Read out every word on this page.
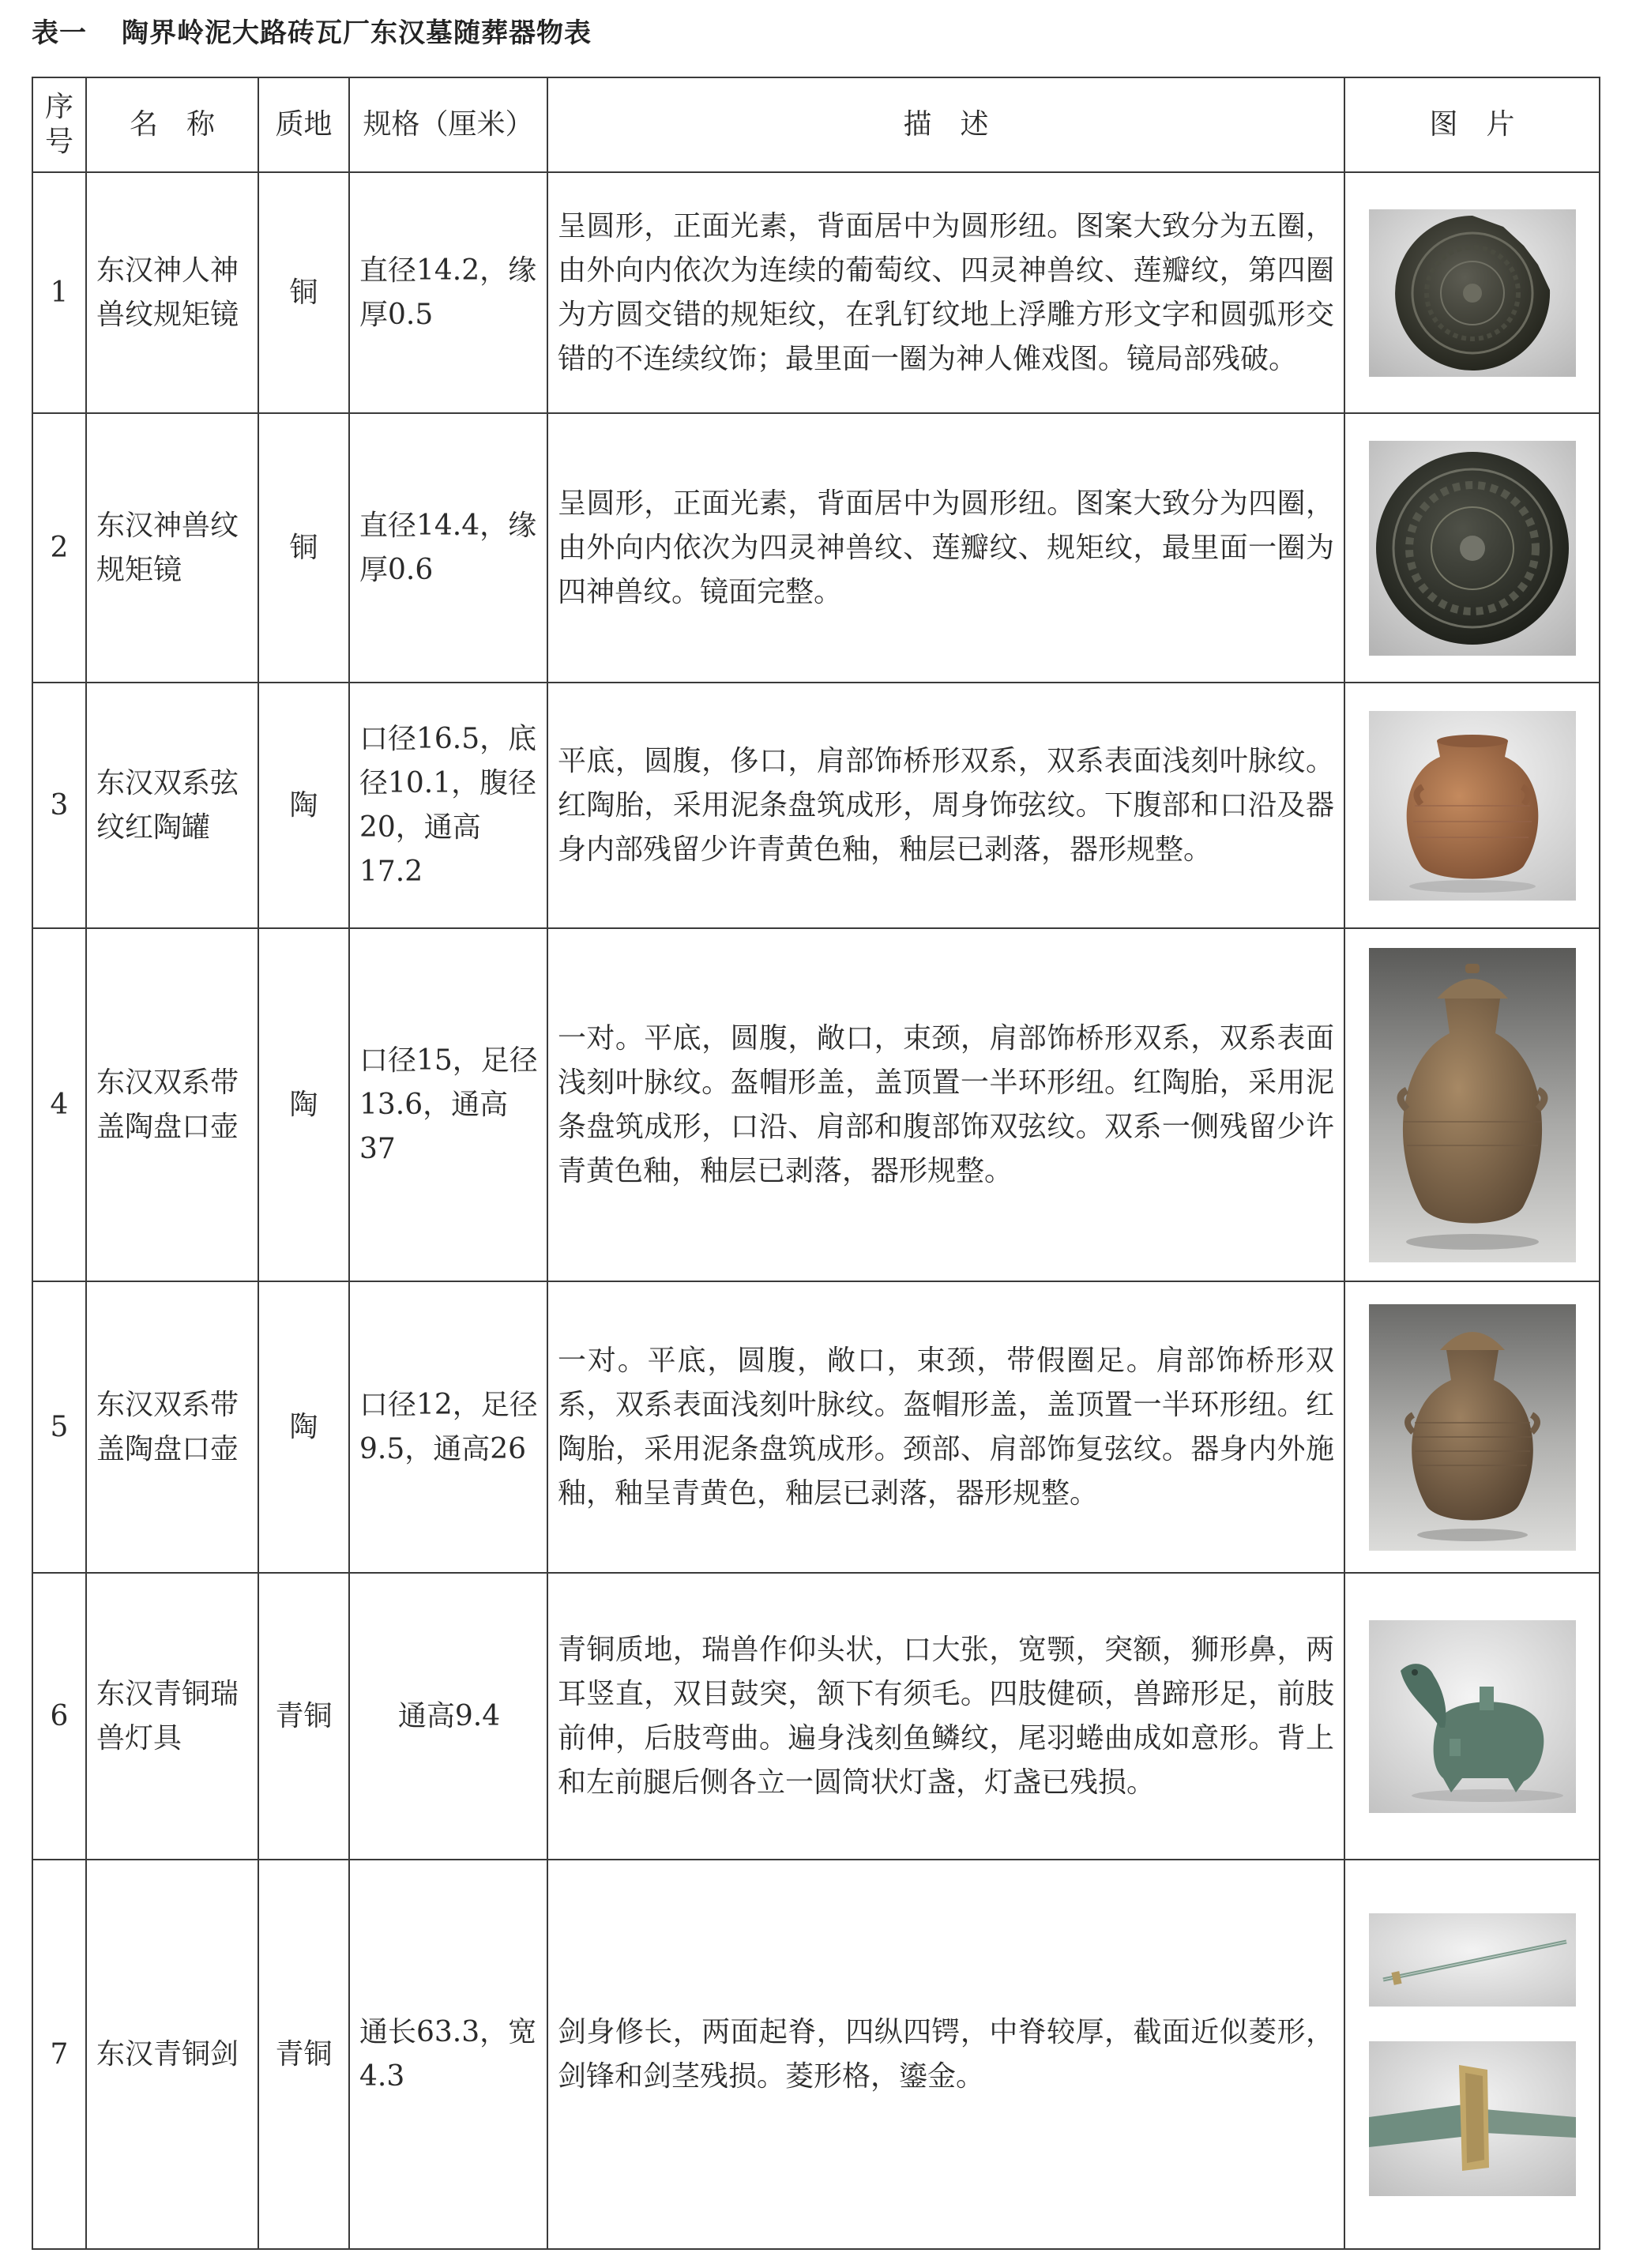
表一 陶界岭泥大路砖瓦厂东汉墓随葬器物表
序号	名　称	质地	规格（厘米）	描　述	图　片
1	东汉神人神兽纹规矩镜	铜	直径14.2，缘厚0.5	呈圆形，正面光素，背面居中为圆形纽。图案大致分为五圈，由外向内依次为连续的葡萄纹、四灵神兽纹、莲瓣纹，第四圈为方圆交错的规矩纹，在乳钉纹地上浮雕方形文字和圆弧形交错的不连续纹饰；最里面一圈为神人傩戏图。镜局部残破。	

2	东汉神兽纹规矩镜	铜	直径14.4，缘厚0.6	呈圆形，正面光素，背面居中为圆形纽。图案大致分为四圈，由外向内依次为四灵神兽纹、莲瓣纹、规矩纹，最里面一圈为四神兽纹。镜面完整。	

3	东汉双系弦纹红陶罐	陶	口径16.5，底径10.1，腹径20，通高17.2	平底，圆腹，侈口，肩部饰桥形双系，双系表面浅刻叶脉纹。红陶胎，采用泥条盘筑成形，周身饰弦纹。下腹部和口沿及器身内部残留少许青黄色釉，釉层已剥落，器形规整。	

4	东汉双系带盖陶盘口壶	陶	口径15，足径13.6，通高37	一对。平底，圆腹，敞口，束颈，肩部饰桥形双系，双系表面浅刻叶脉纹。盔帽形盖，盖顶置一半环形纽。红陶胎，采用泥条盘筑成形，口沿、肩部和腹部饰双弦纹。双系一侧残留少许青黄色釉，釉层已剥落，器形规整。	

5	东汉双系带盖陶盘口壶	陶	口径12，足径9.5，通高26	一对。平底，圆腹，敞口，束颈，带假圈足。肩部饰桥形双系，双系表面浅刻叶脉纹。盔帽形盖，盖顶置一半环形纽。红陶胎，采用泥条盘筑成形。颈部、肩部饰复弦纹。器身内外施釉，釉呈青黄色，釉层已剥落，器形规整。	

6	东汉青铜瑞兽灯具	青铜	通高9.4	青铜质地，瑞兽作仰头状，口大张，宽颚，突额，狮形鼻，两耳竖直，双目鼓突，颔下有须毛。四肢健硕，兽蹄形足，前肢前伸，后肢弯曲。遍身浅刻鱼鳞纹，尾羽蜷曲成如意形。背上和左前腿后侧各立一圆筒状灯盏，灯盏已残损。	

7	东汉青铜剑	青铜	通长63.3，宽4.3	剑身修长，两面起脊，四纵四锷，中脊较厚，截面近似菱形，剑锋和剑茎残损。菱形格，鎏金。	
